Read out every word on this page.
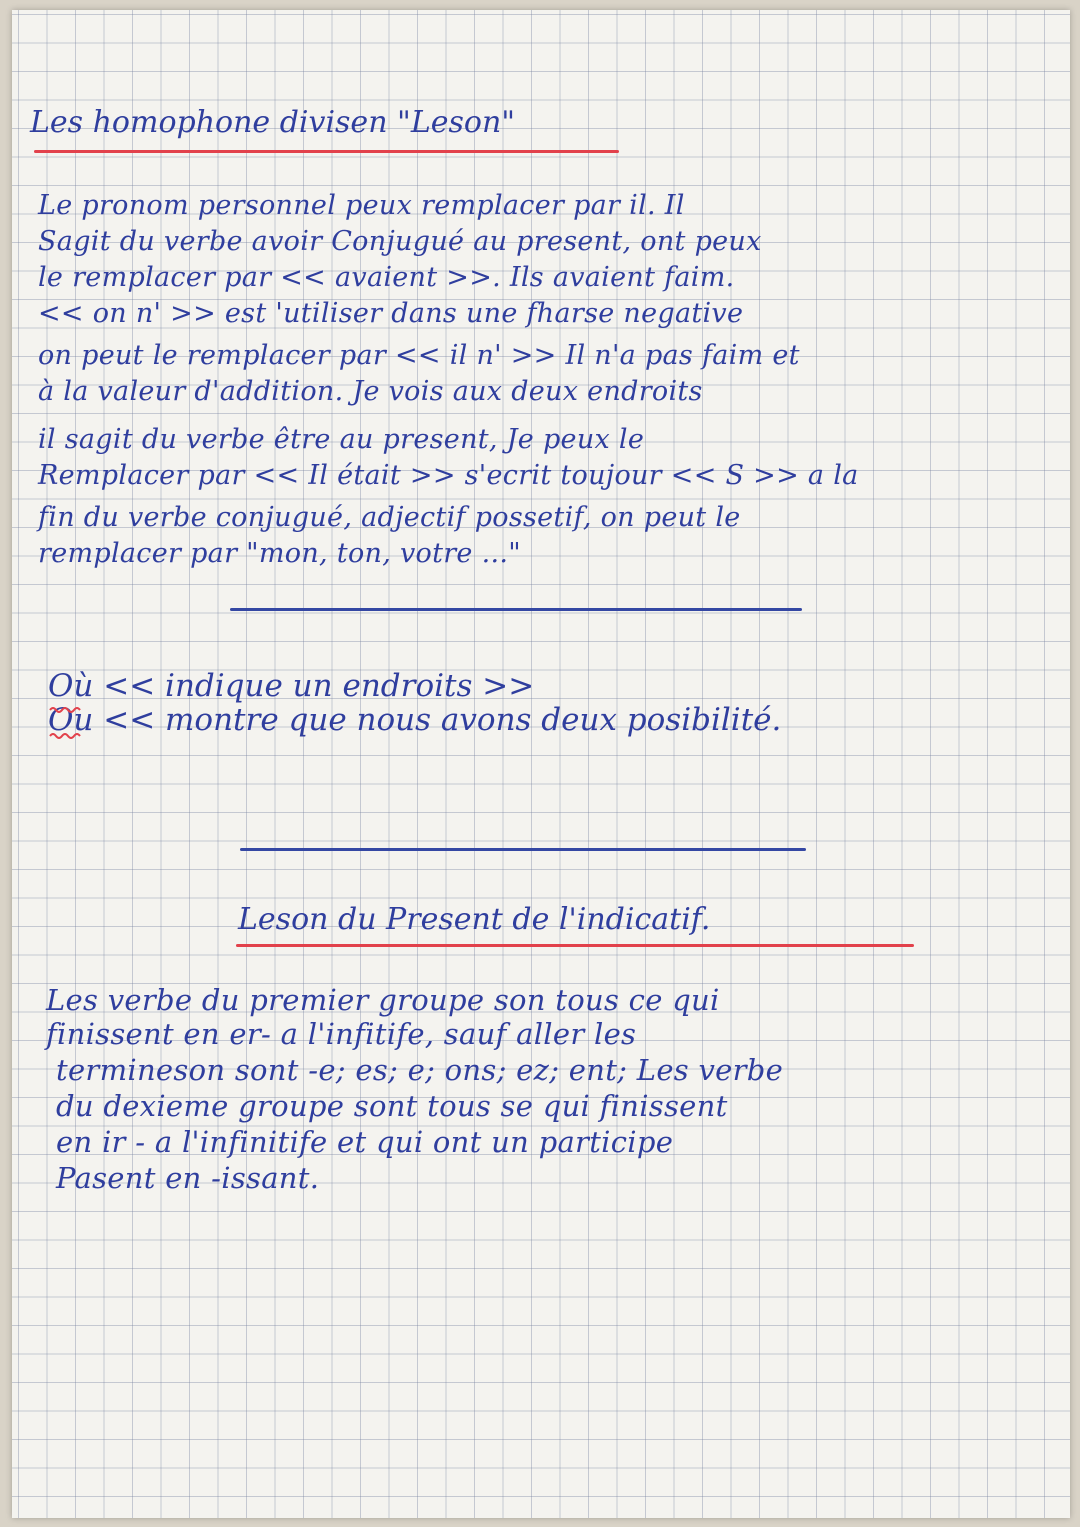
Les homophone divisen "Leson"
Le pronom personnel peux remplacer par il. Il
Sagit du verbe avoir Conjugué au present, ont peux
le remplacer par << avaient >>. Ils avaient faim.
<< on n' >> est 'utiliser dans une fharse negative
on peut le remplacer par << il n' >> Il n'a pas faim et
à la valeur d'addition. Je vois aux deux endroits
il sagit du verbe être au present, Je peux le
Remplacer par << Il était >> s'ecrit toujour << S >> a la
fin du verbe conjugué, adjectif possetif, on peut le
remplacer par "mon, ton, votre ..."
Où << indique un endroits >>
Ou << montre que nous avons deux posibilité.
Leson du Present de l'indicatif.
Les verbe du premier groupe son tous ce qui
finissent en er- a l'infitife, sauf aller les
termineson sont -e; es; e; ons; ez; ent; Les verbe
du dexieme groupe sont tous se qui finissent
en ir - a l'infinitife et qui ont un participe
Pasent en -issant.
